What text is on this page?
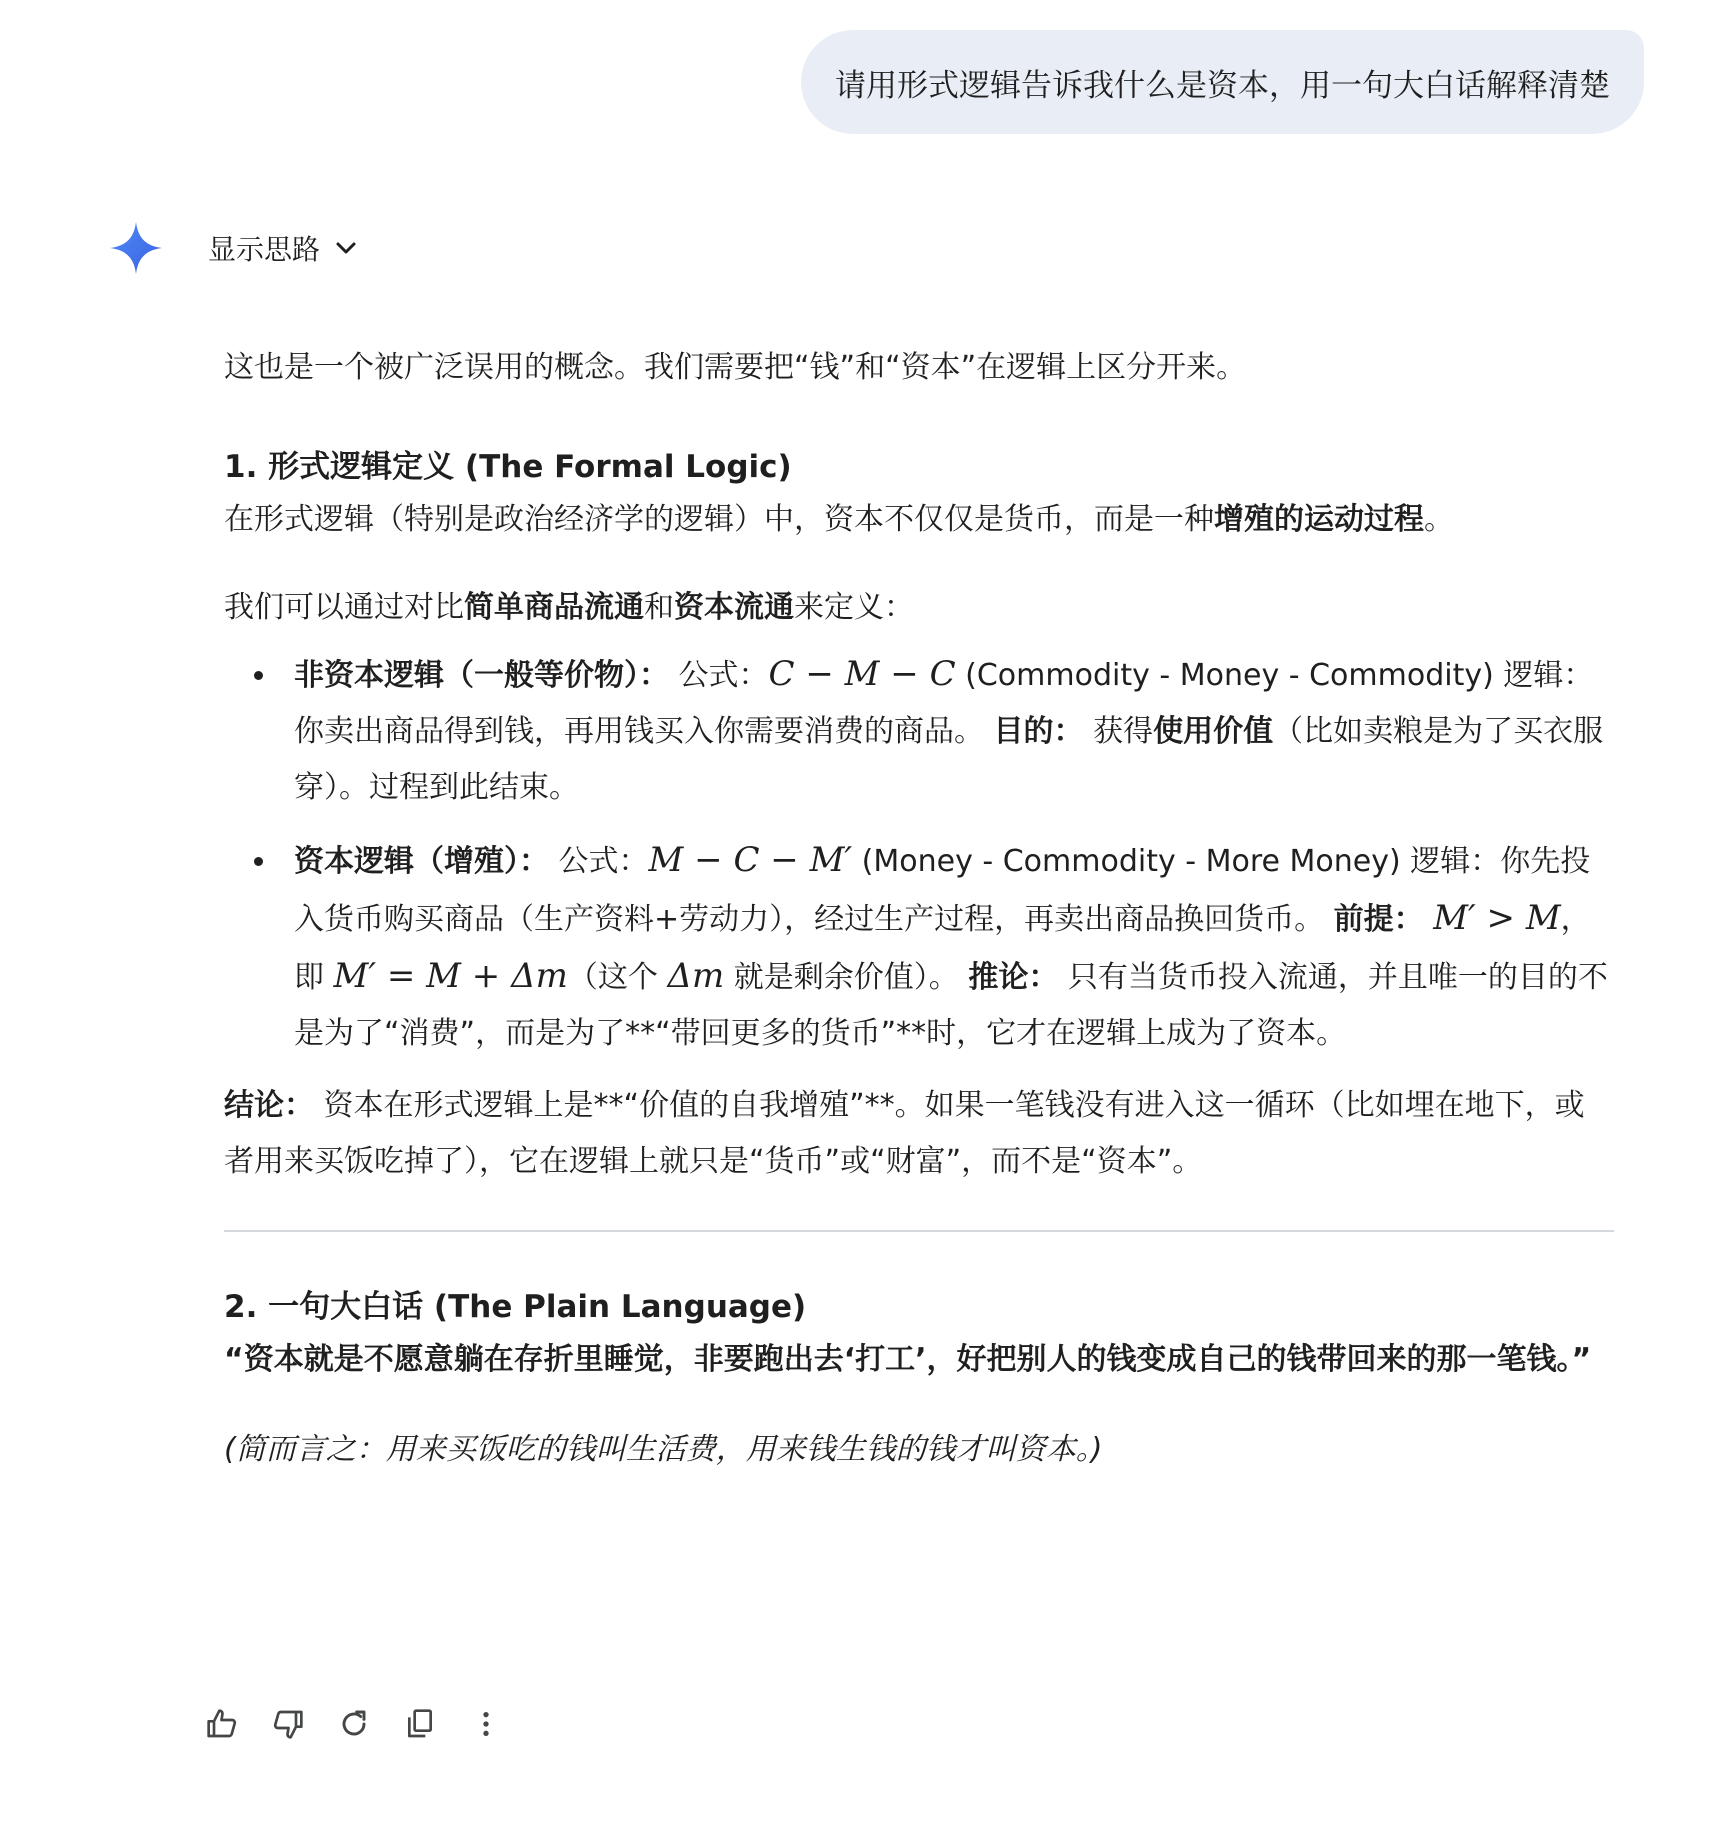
请用形式逻辑告诉我什么是资本，用一句大白话解释清楚
显示思路

这也是一个被广泛误用的概念。我们需要把“钱”和“资本”在逻辑上区分开来。

1. 形式逻辑定义 (The Formal Logic)

在形式逻辑（特别是政治经济学的逻辑）中，资本不仅仅是货币，而是一种增殖的运动过程。

我们可以通过对比简单商品流通和资本流通来定义：

非资本逻辑（一般等价物）： 公式：C − M − C (Commodity - Money - Commodity) 逻辑：你卖出商品得到钱，再用钱买入你需要消费的商品。 目的： 获得使用价值（比如卖粮是为了买衣服穿）。过程到此结束。
资本逻辑（增殖）： 公式：M − C − M′ (Money - Commodity - More Money) 逻辑：你先投入货币购买商品（生产资料+劳动力），经过生产过程，再卖出商品换回货币。 前提： M′ > M，即 M′ = M + Δm（这个 Δm 就是剩余价值）。 推论： 只有当货币投入流通，并且唯一的目的不是为了“消费”，而是为了**“带回更多的货币”**时，它才在逻辑上成为了资本。

结论： 资本在形式逻辑上是**“价值的自我增殖”**。如果一笔钱没有进入这一循环（比如埋在地下，或者用来买饭吃掉了），它在逻辑上就只是“货币”或“财富”，而不是“资本”。

2. 一句大白话 (The Plain Language)

“资本就是不愿意躺在存折里睡觉，非要跑出去‘打工’，好把别人的钱变成自己的钱带回来的那一笔钱。”

(简而言之：用来买饭吃的钱叫生活费，用来钱生钱的钱才叫资本。)
